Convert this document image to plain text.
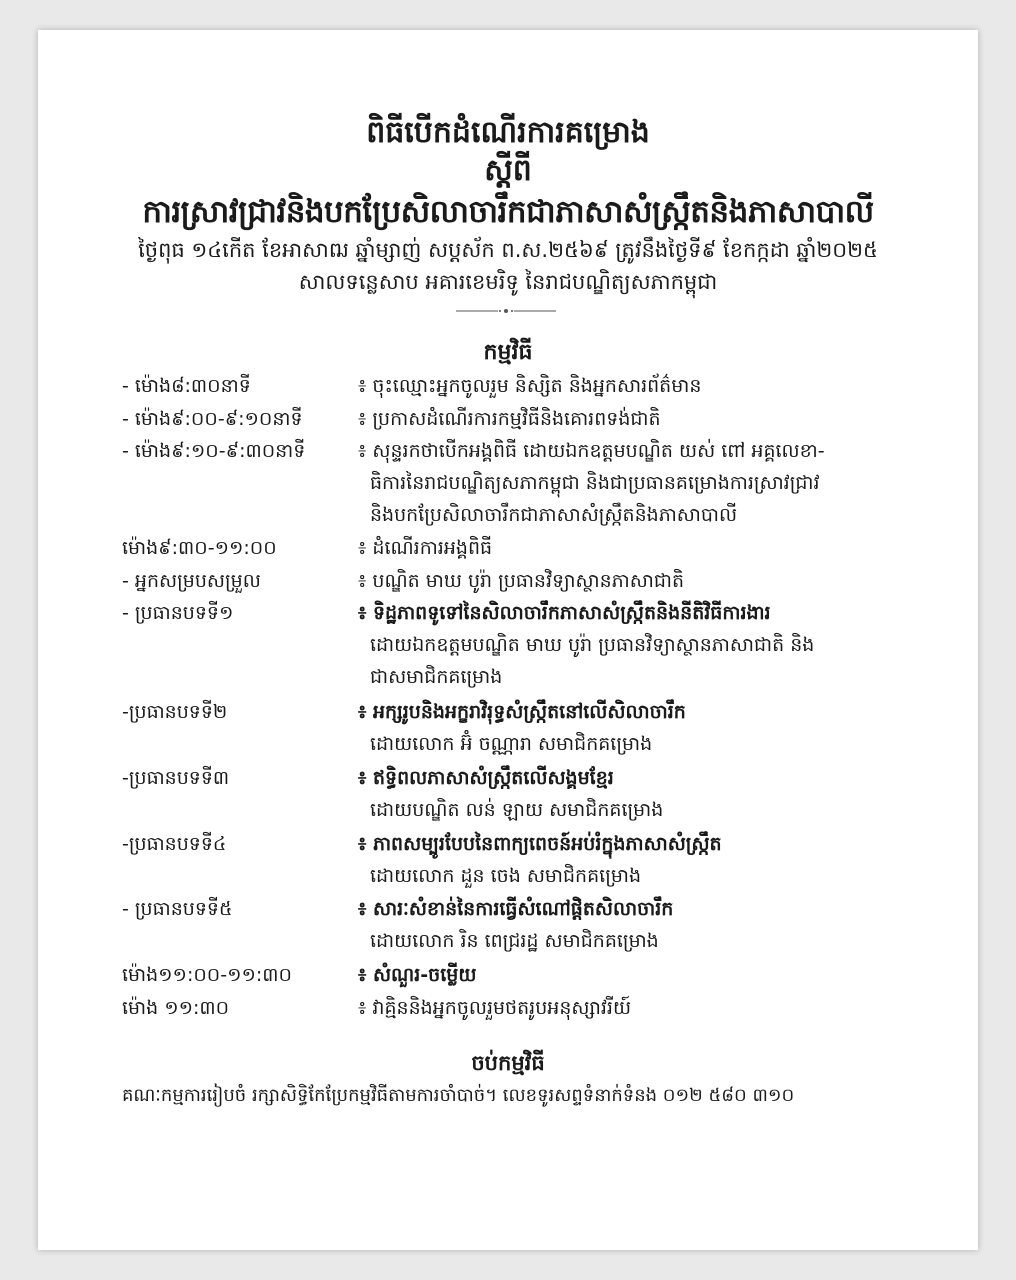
ពិធីបើកដំណើរការគម្រោង
ស្ដីពី
ការស្រាវជ្រាវនិងបកប្រែសិលាចារឹកជាភាសាសំស្ក្រឹតនិងភាសាបាលី
ថ្ងៃពុធ ១៤កើត ខែអាសាឍ ឆ្នាំម្សាញ់ សប្តស័ក ព.ស.២៥៦៩ ត្រូវនឹងថ្ងៃទី៩ ខែកក្កដា ឆ្នាំ២០២៥
សាលទន្លេសាប អគារខេមរិទូ នៃរាជបណ្ឌិត្យសភាកម្ពុជា
កម្មវិធី
- ម៉ោង៨:៣០នាទី	៖ ចុះឈ្មោះអ្នកចូលរួម និស្សិត និងអ្នកសារព័ត៌មាន
- ម៉ោង៩:០០-៩:១០នាទី	៖ ប្រកាសដំណើរការកម្មវិធីនិងគោរពទង់ជាតិ
- ម៉ោង៩:១០-៩:៣០នាទី	៖ សុន្ទរកថាបើកអង្គពិធី ដោយឯកឧត្តមបណ្ឌិត យស់ ពៅ អគ្គលេខា-
ធិការនៃរាជបណ្ឌិត្យសភាកម្ពុជា និងជាប្រធានគម្រោងការស្រាវជ្រាវ
និងបកប្រែសិលាចារឹកជាភាសាសំស្ក្រឹតនិងភាសាបាលី
ម៉ោង៩:៣០-១១:០០	៖ ដំណើរការអង្គពិធី
- អ្នកសម្របសម្រួល	៖ បណ្ឌិត មាឃ បូរ៉ា ប្រធានវិទ្យាស្ថានភាសាជាតិ
- ប្រធានបទទី១	៖ ទិដ្ឋភាពទូទៅនៃសិលាចារឹកភាសាសំស្ក្រឹតនិងនីតិវិធីការងារ
ដោយឯកឧត្តមបណ្ឌិត មាឃ បូរ៉ា ប្រធានវិទ្យាស្ថានភាសាជាតិ និង
ជាសមាជិកគម្រោង
-ប្រធានបទទី២	៖ អក្សរូបនិងអក្ខរាវិរុទ្ធសំស្ក្រឹតនៅលើសិលាចារឹក
ដោយលោក អ៊ំ ចណ្ណារា សមាជិកគម្រោង
-ប្រធានបទទី៣	៖ ឥទ្ធិពលភាសាសំស្ក្រឹតលើសង្គមខ្មែរ
ដោយបណ្ឌិត លន់ ឡាយ សមាជិកគម្រោង
-ប្រធានបទទី៤	៖ ភាពសម្បូរបែបនៃពាក្យពេចន៍អប់រំក្នុងភាសាសំស្ក្រឹត
ដោយលោក ដួន ចេង សមាជិកគម្រោង
- ប្រធានបទទី៥	៖ សារៈសំខាន់នៃការធ្វើសំណៅផ្តិតសិលាចារឹក
ដោយលោក រិន ពេជ្ររដ្ឋ សមាជិកគម្រោង
ម៉ោង១១:០០-១១:៣០	៖ សំណួរ-ចម្លើយ
ម៉ោង ១១:៣០	៖ វាគ្មិននិងអ្នកចូលរួមថតរូបអនុស្សាវរីយ៍
ចប់កម្មវិធី
គណៈកម្មការរៀបចំ រក្សាសិទ្ធិកែប្រែកម្មវិធីតាមការចាំបាច់។ លេខទូរសព្ទទំនាក់ទំនង ០១២ ៥៨០ ៣១០
